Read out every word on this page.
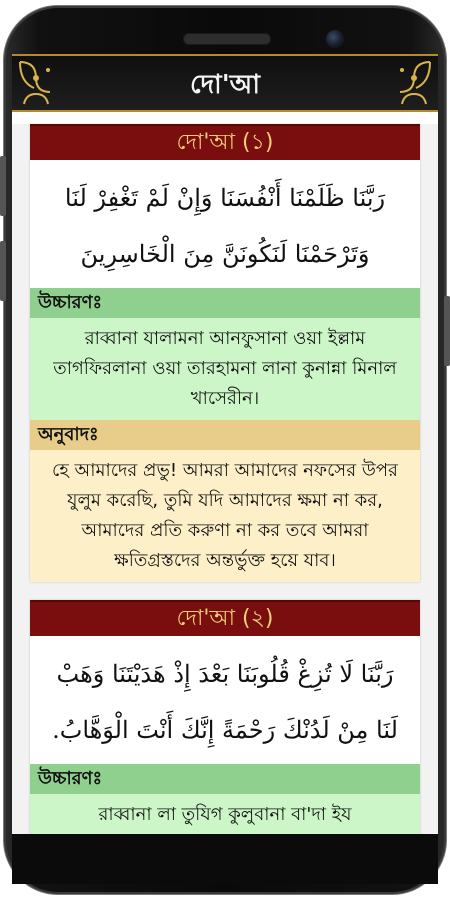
দো'আ
দো'আ (১)
رَبَّنَا ظَلَمْنَا أَنْفُسَنَا وَإِنْ لَمْ تَغْفِرْ لَنَا
وَتَرْحَمْنَا لَنَكُونَنَّ مِنَ الْخَاسِرِينَ
উচ্চারণঃ
রাব্বানা যালামনা আনফুসানা ওয়া ইল্লাম তাগফিরলানা ওয়া তারহামনা লানা কুনান্না মিনাল খাসেরীন।
অনুবাদঃ
হে আমাদের প্রভু! আমরা আমাদের নফসের উপর যুলুম করেছি, তুমি যদি আমাদের ক্ষমা না কর, আমাদের প্রতি করুণা না কর তবে আমরা ক্ষতিগ্রস্তদের অন্তর্ভুক্ত হয়ে যাব।
দো'আ (২)
رَبَّنَا لَا تُزِغْ قُلُوبَنَا بَعْدَ إِذْ هَدَيْتَنَا وَهَبْ
لَنَا مِنْ لَدُنْكَ رَحْمَةً إِنَّكَ أَنْتَ الْوَهَّابُ.
উচ্চারণঃ
রাব্বানা লা তুযিগ কুলুবানা বা'দা ইয
